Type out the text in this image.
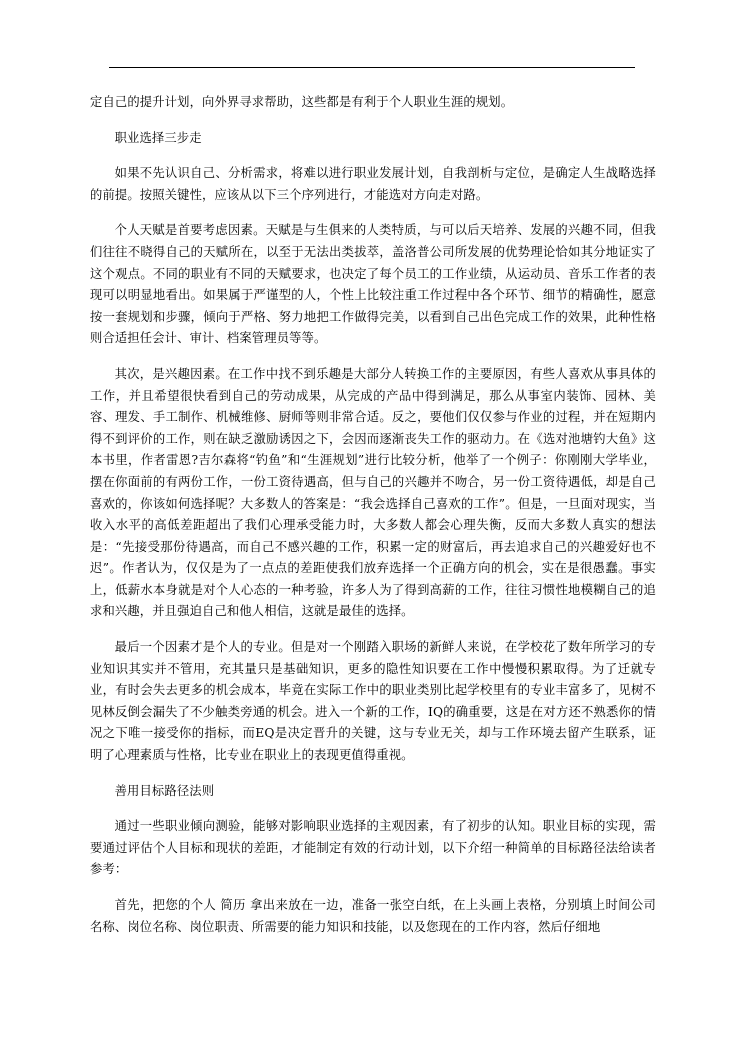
定自己的提升计划，向外界寻求帮助，这些都是有利于个人职业生涯的规划。

职业选择三步走

如果不先认识自己、分析需求，将难以进行职业发展计划，自我剖析与定位，是确定人生战略选择的前提。按照关键性，应该从以下三个序列进行，才能选对方向走对路。

个人天赋是首要考虑因素。天赋是与生俱来的人类特质，与可以后天培养、发展的兴趣不同，但我们往往不晓得自己的天赋所在，以至于无法出类拔萃，盖洛普公司所发展的优势理论恰如其分地证实了这个观点。不同的职业有不同的天赋要求，也决定了每个员工的工作业绩，从运动员、音乐工作者的表现可以明显地看出。如果属于严谨型的人，个性上比较注重工作过程中各个环节、细节的精确性，愿意按一套规划和步骤，倾向于严格、努力地把工作做得完美，以看到自己出色完成工作的效果，此种性格则合适担任会计、审计、档案管理员等等。

其次，是兴趣因素。在工作中找不到乐趣是大部分人转换工作的主要原因，有些人喜欢从事具体的工作，并且希望很快看到自己的劳动成果，从完成的产品中得到满足，那么从事室内装饰、园林、美容、理发、手工制作、机械维修、厨师等则非常合适。反之，要他们仅仅参与作业的过程，并在短期内得不到评价的工作，则在缺乏激励诱因之下，会因而逐渐丧失工作的驱动力。在《选对池塘钓大鱼》这本书里，作者雷恩?吉尔森将“钓鱼”和“生涯规划”进行比较分析，他举了一个例子：你刚刚大学毕业，摆在你面前的有两份工作，一份工资待遇高，但与自己的兴趣并不吻合，另一份工资待遇低，却是自己喜欢的，你该如何选择呢？大多数人的答案是：“我会选择自己喜欢的工作”。但是，一旦面对现实，当收入水平的高低差距超出了我们心理承受能力时，大多数人都会心理失衡，反而大多数人真实的想法是：“先接受那份待遇高，而自己不感兴趣的工作，积累一定的财富后，再去追求自己的兴趣爱好也不迟”。作者认为，仅仅是为了一点点的差距使我们放弃选择一个正确方向的机会，实在是很愚蠢。事实上，低薪水本身就是对个人心态的一种考验，许多人为了得到高薪的工作，往往习惯性地模糊自己的追求和兴趣，并且强迫自己和他人相信，这就是最佳的选择。

最后一个因素才是个人的专业。但是对一个刚踏入职场的新鲜人来说，在学校花了数年所学习的专业知识其实并不管用，充其量只是基础知识，更多的隐性知识要在工作中慢慢积累取得。为了迁就专业，有时会失去更多的机会成本，毕竟在实际工作中的职业类别比起学校里有的专业丰富多了，见树不见林反倒会漏失了不少触类旁通的机会。进入一个新的工作，IQ的确重要，这是在对方还不熟悉你的情况之下唯一接受你的指标，而EQ是决定晋升的关键，这与专业无关，却与工作环境去留产生联系，证明了心理素质与性格，比专业在职业上的表现更值得重视。

善用目标路径法则

通过一些职业倾向测验，能够对影响职业选择的主观因素，有了初步的认知。职业目标的实现，需要通过评估个人目标和现状的差距，才能制定有效的行动计划，以下介绍一种简单的目标路径法给读者参考：

首先，把您的个人 简历 拿出来放在一边，准备一张空白纸，在上头画上表格，分别填上时间公司名称、岗位名称、岗位职责、所需要的能力知识和技能，以及您现在的工作内容，然后仔细地
